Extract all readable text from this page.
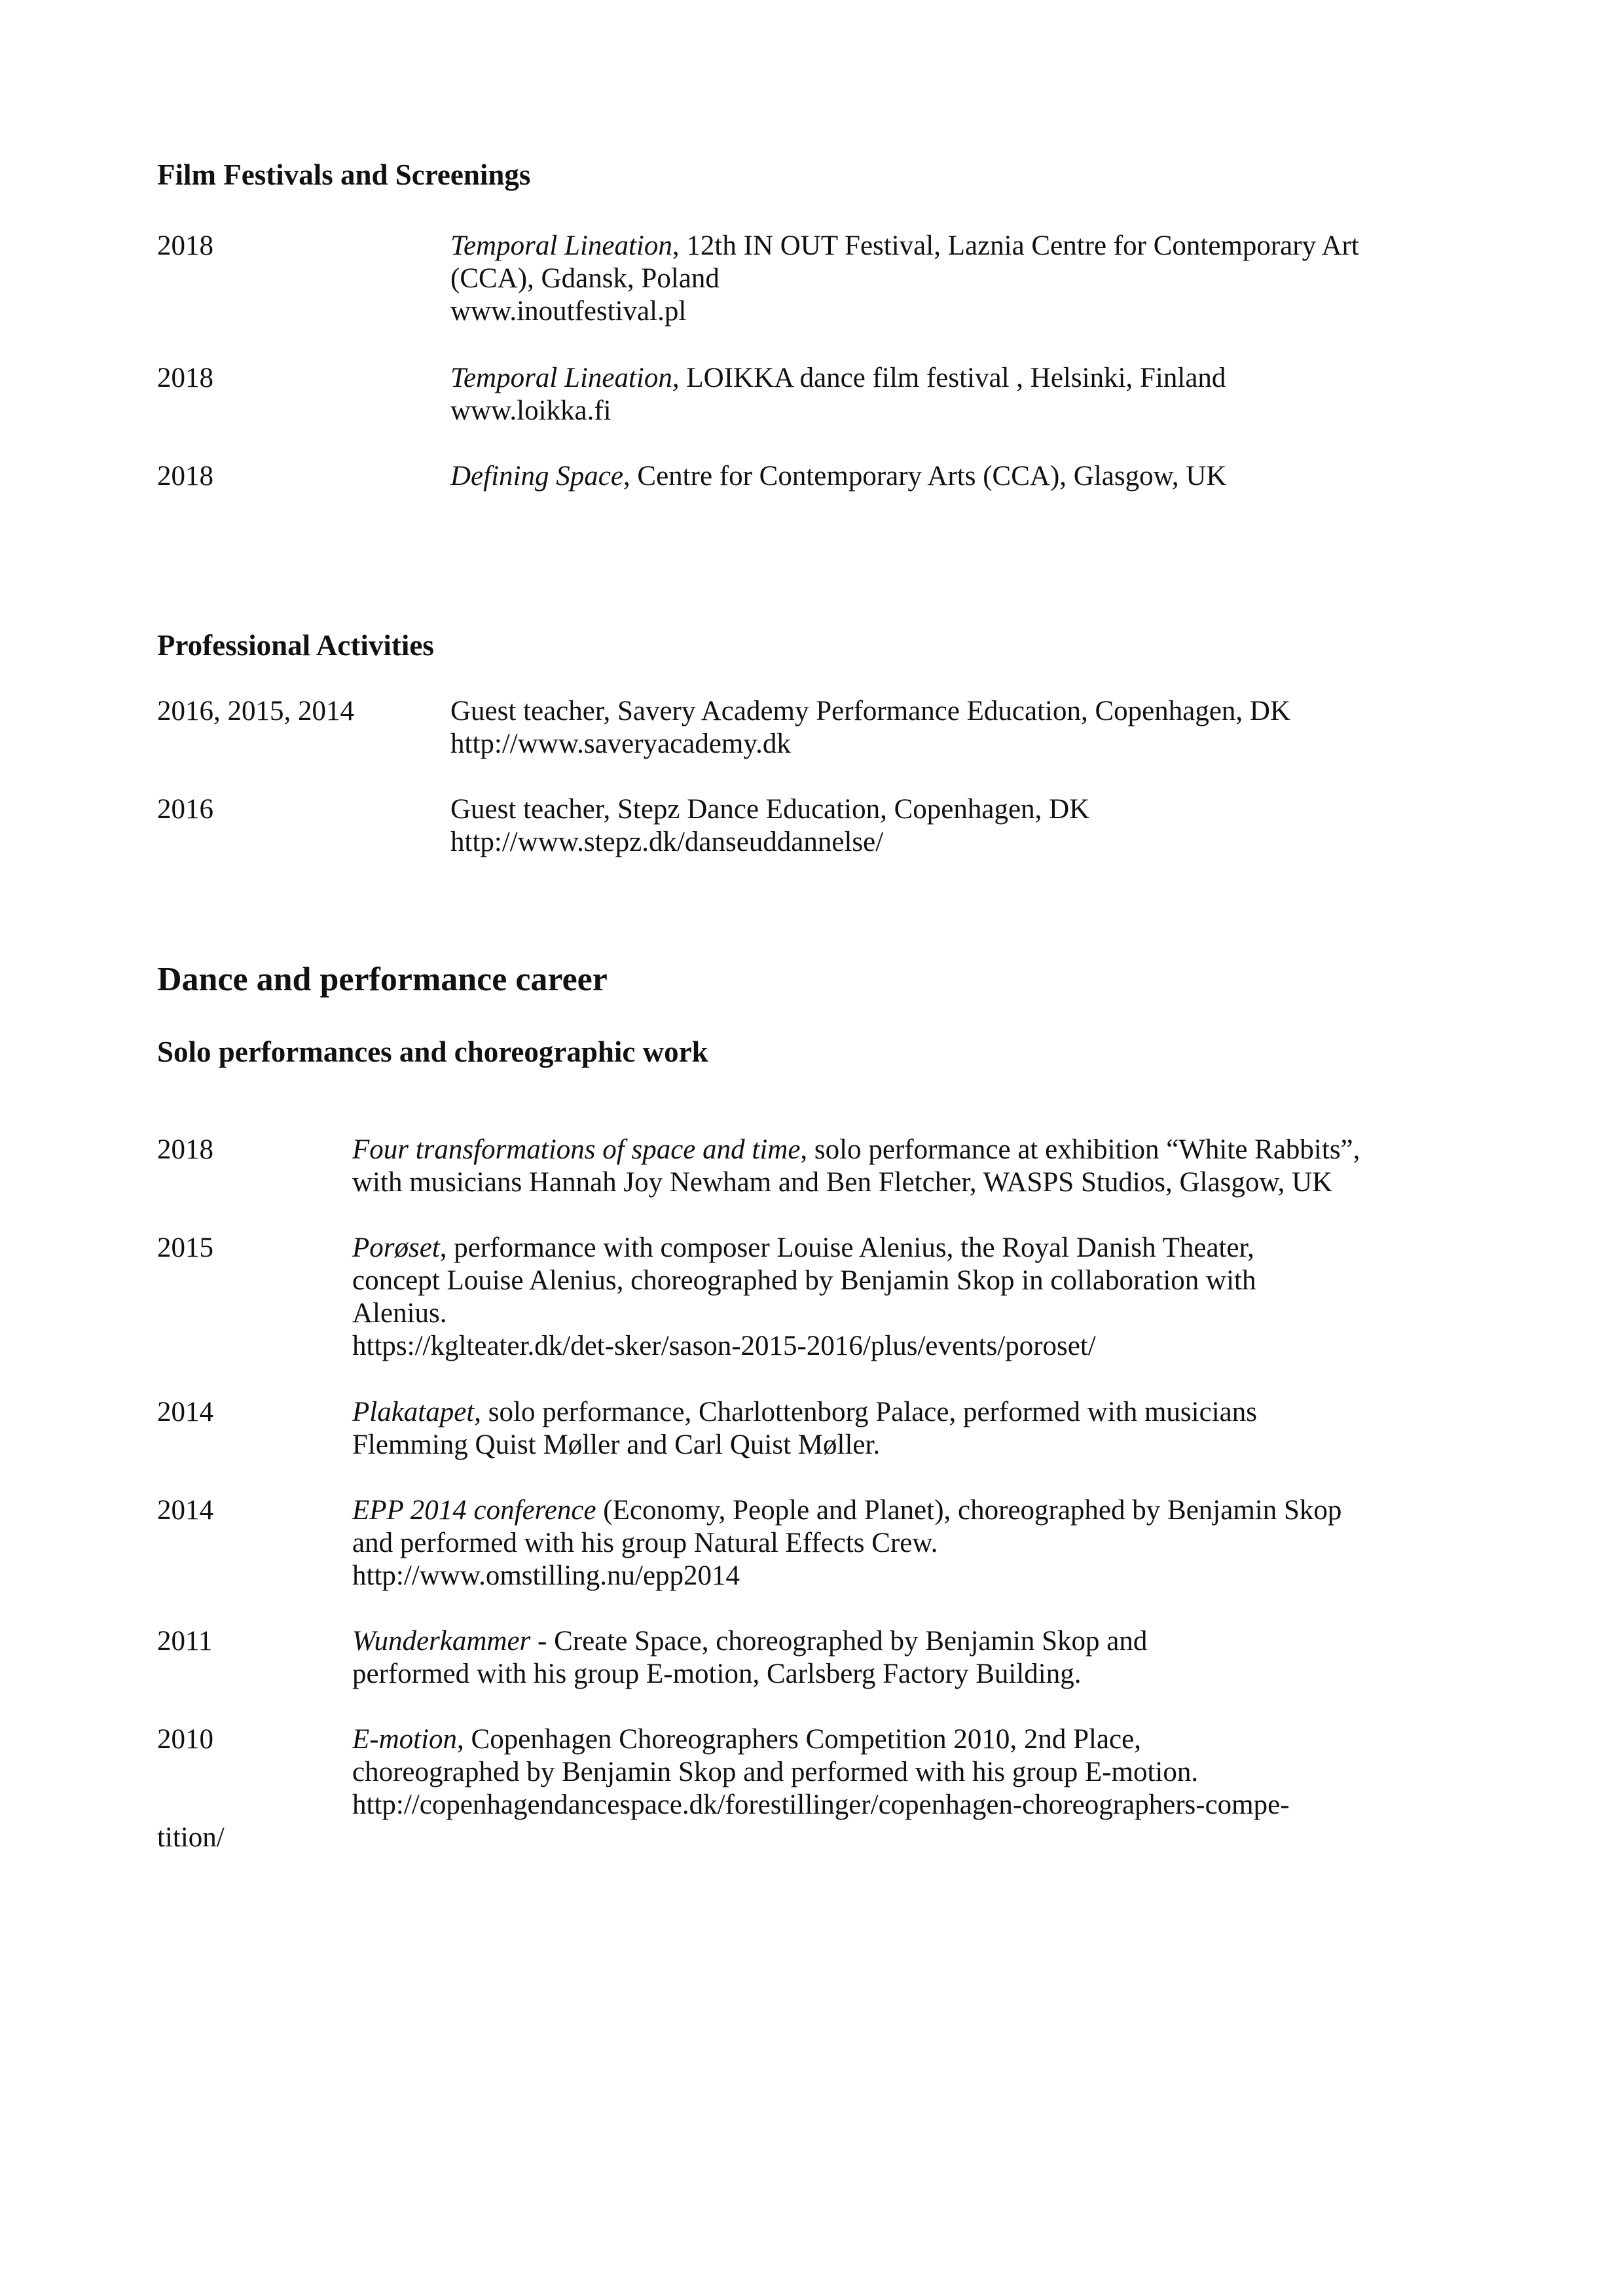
Film Festivals and Screenings
2018	Temporal Lineation, 12th IN OUT Festival, Laznia Centre for Contemporary Art
(CCA), Gdansk, Poland
www.inoutfestival.pl
2018	Temporal Lineation, LOIKKA dance film festival , Helsinki, Finland
www.loikka.fi
2018	Defining Space, Centre for Contemporary Arts (CCA), Glasgow, UK
Professional Activities
2016, 2015, 2014	Guest teacher, Savery Academy Performance Education, Copenhagen, DK
http://www.saveryacademy.dk
2016	Guest teacher, Stepz Dance Education, Copenhagen, DK
http://www.stepz.dk/danseuddannelse/
Dance and performance career
Solo performances and choreographic work
2018	Four transformations of space and time, solo performance at exhibition “White Rabbits”,
with musicians Hannah Joy Newham and Ben Fletcher, WASPS Studios, Glasgow, UK
2015	Porøset, performance with composer Louise Alenius, the Royal Danish Theater,
concept Louise Alenius, choreographed by Benjamin Skop in collaboration with
Alenius.
https://kglteater.dk/det-sker/sason-2015-2016/plus/events/poroset/
2014	Plakatapet, solo performance, Charlottenborg Palace, performed with musicians
Flemming Quist Møller and Carl Quist Møller.
2014	EPP 2014 conference (Economy, People and Planet), choreographed by Benjamin Skop
and performed with his group Natural Effects Crew.
http://www.omstilling.nu/epp2014
2011	Wunderkammer - Create Space, choreographed by Benjamin Skop and
performed with his group E-motion, Carlsberg Factory Building.
2010	E-motion, Copenhagen Choreographers Competition 2010, 2nd Place,
choreographed by Benjamin Skop and performed with his group E-motion.
http://copenhagendancespace.dk/forestillinger/copenhagen-choreographers-compe-
tition/
